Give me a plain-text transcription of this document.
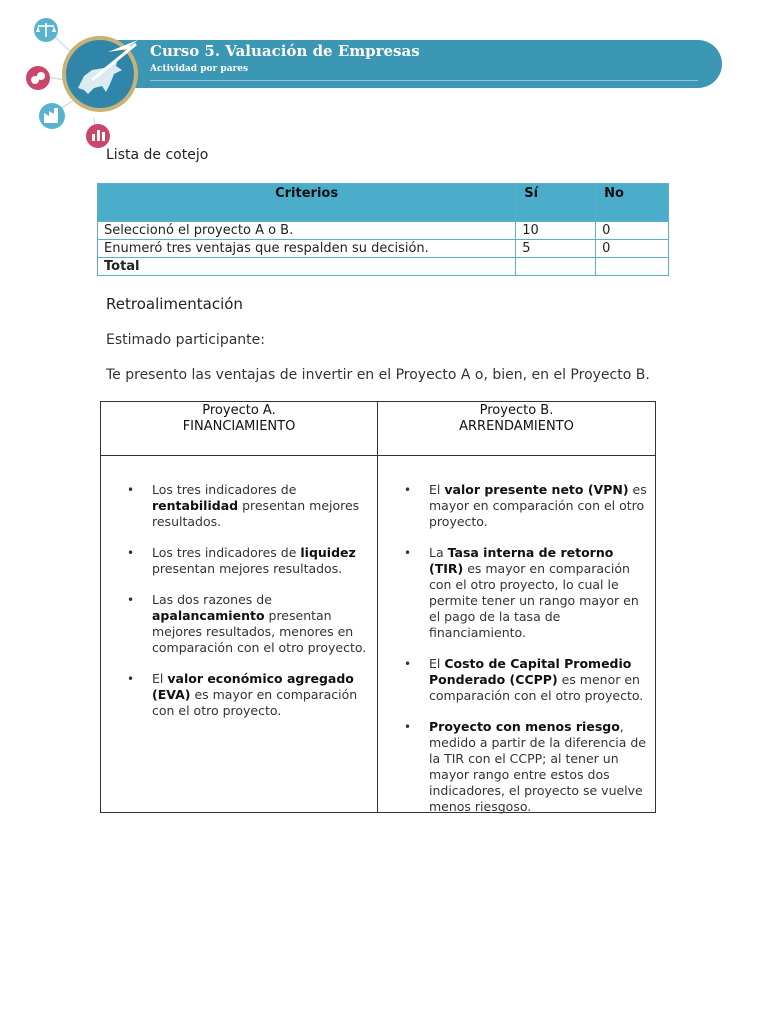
Curso 5. Valuación de Empresas
Actividad por pares
Lista de cotejo
Criterios	Sí	No
Seleccionó el proyecto A o B.	10	0
Enumeró tres ventajas que respalden su decisión.	5	0
Total		
Retroalimentación
Estimado participante:
Te presento las ventajas de invertir en el Proyecto A o, bien, en el Proyecto B.
Proyecto A.
FINANCIAMIENTO
• Los tres indicadores de rentabilidad presentan mejores resultados.
• Los tres indicadores de liquidez presentan mejores resultados.
• Las dos razones de apalancamiento presentan mejores resultados, menores en comparación con el otro proyecto.
• El valor económico agregado (EVA) es mayor en comparación con el otro proyecto.
Proyecto B.
ARRENDAMIENTO
• El valor presente neto (VPN) es mayor en comparación con el otro proyecto.
• La Tasa interna de retorno (TIR) es mayor en comparación con el otro proyecto, lo cual le permite tener un rango mayor en el pago de la tasa de financiamiento.
• El Costo de Capital Promedio Ponderado (CCPP) es menor en comparación con el otro proyecto.
• Proyecto con menos riesgo, medido a partir de la diferencia de la TIR con el CCPP; al tener un mayor rango entre estos dos indicadores, el proyecto se vuelve menos riesgoso.
